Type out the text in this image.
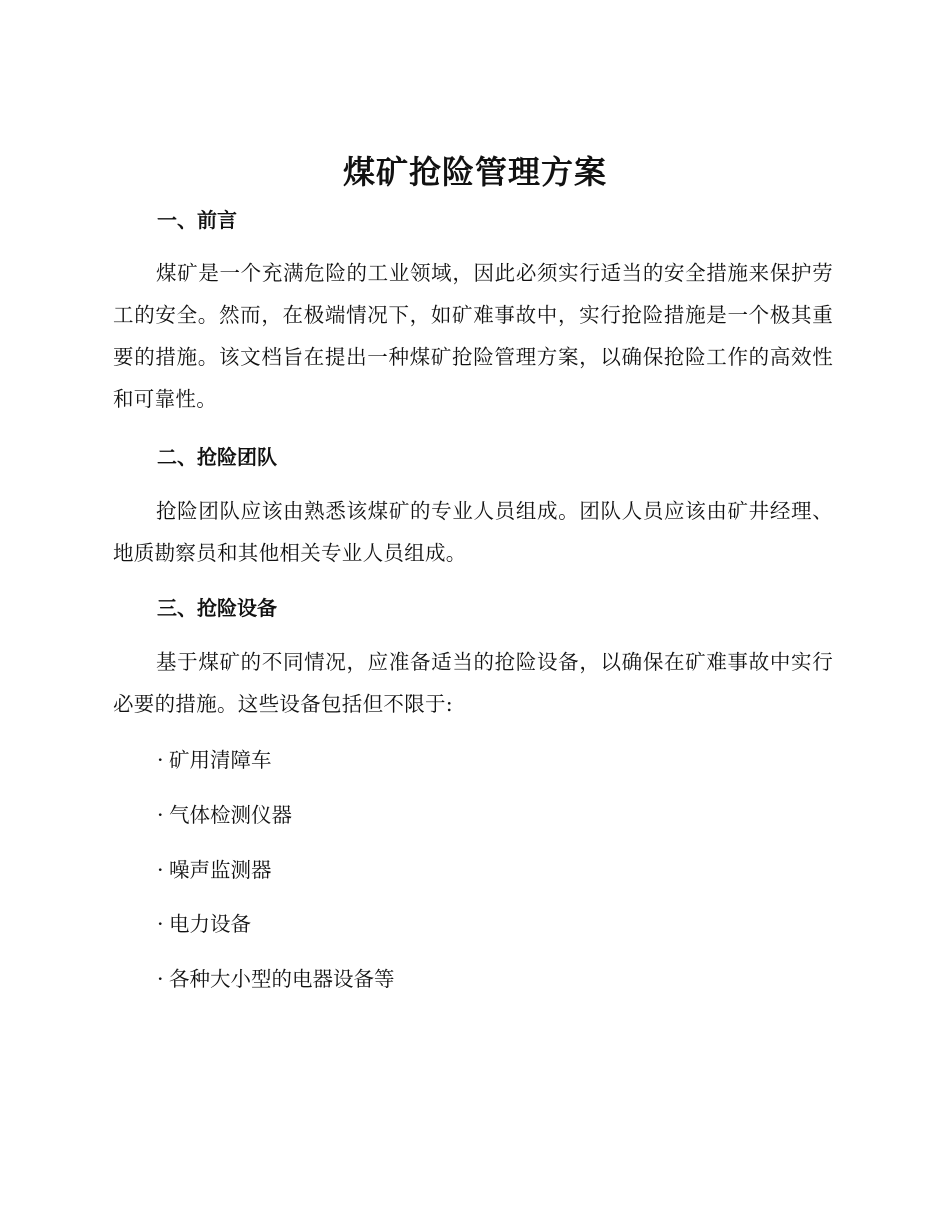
煤矿抢险管理方案
一、前言

煤矿是一个充满危险的工业领域，因此必须实行适当的安全措施来保护劳工的安全。然而，在极端情况下，如矿难事故中，实行抢险措施是一个极其重要的措施。该文档旨在提出一种煤矿抢险管理方案，以确保抢险工作的高效性和可靠性。

二、抢险团队

抢险团队应该由熟悉该煤矿的专业人员组成。团队人员应该由矿井经理、地质勘察员和其他相关专业人员组成。

三、抢险设备

基于煤矿的不同情况，应准备适当的抢险设备，以确保在矿难事故中实行必要的措施。这些设备包括但不限于:

· 矿用清障车
· 气体检测仪器
· 噪声监测器
· 电力设备
· 各种大小型的电器设备等
